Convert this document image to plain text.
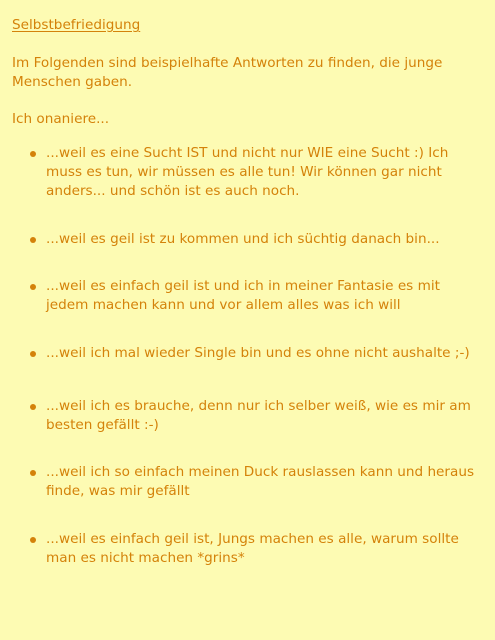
Selbstbefriedigung
Im Folgenden sind beispielhafte Antworten zu finden, die junge Menschen gaben.
Ich onaniere...
...weil es eine Sucht IST und nicht nur WIE eine Sucht :) Ich muss es tun, wir müssen es alle tun! Wir können gar nicht anders... und schön ist es auch noch.
...weil es geil ist zu kommen und ich süchtig danach bin...
...weil es einfach geil ist und ich in meiner Fantasie es mit jedem machen kann und vor allem alles was ich will
...weil ich mal wieder Single bin und es ohne nicht aushalte ;-)
...weil ich es brauche, denn nur ich selber weiß, wie es mir am besten gefällt :-)
...weil ich so einfach meinen Duck rauslassen kann und heraus finde, was mir gefällt
...weil es einfach geil ist, Jungs machen es alle, warum sollte man es nicht machen *grins*
